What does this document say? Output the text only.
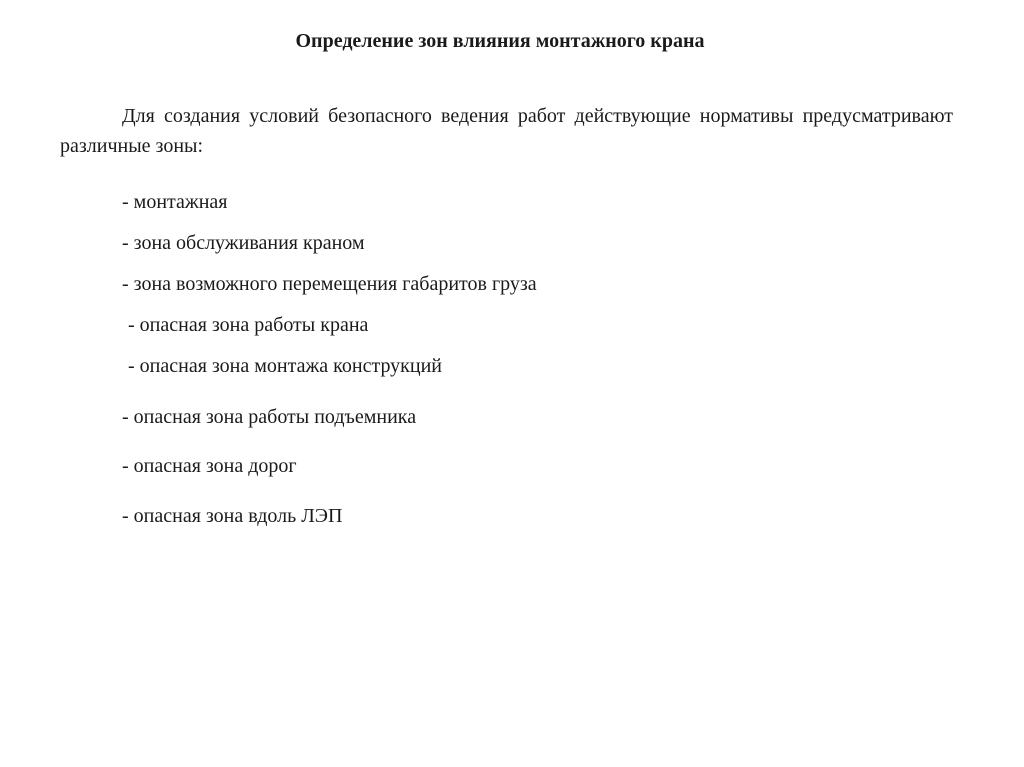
Определение зон влияния монтажного крана

Для создания условий безопасного ведения работ действующие нормативы предусматривают различные зоны:

- монтажная
- зона обслуживания краном
- зона возможного перемещения габаритов груза
- опасная зона работы крана
- опасная зона монтажа конструкций
- опасная зона работы подъемника
- опасная зона дорог
- опасная зона вдоль ЛЭП
